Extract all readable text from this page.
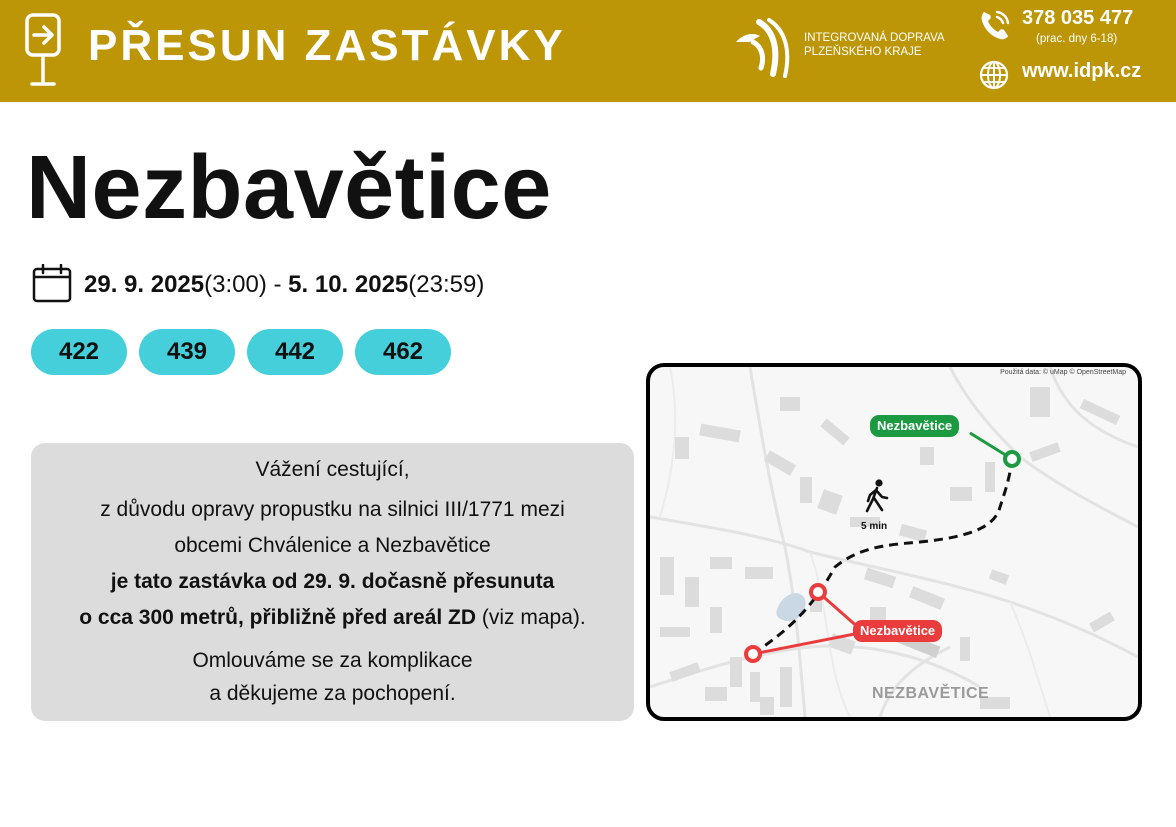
PŘESUN ZASTÁVKY	INTEGROVANÁ DOPRAVA
PLZEŇSKÉHO KRAJE
378 035 477
(prac. dny 6-18)
www.idpk.cz
Nezbavětice
29. 9. 2025(3:00) - 5. 10. 2025(23:59)
422	439	442	462
Vážení cestující,
z důvodu opravy propustku na silnici III/1771 mezi
obcemi Chválenice a Nezbavětice
je tato zastávka od 29. 9. dočasně přesunuta
o cca 300 metrů, přibližně před areál ZD (viz mapa).
Omlouváme se za komplikace
a děkujeme za pochopení.
Použitá data: © uMap © OpenStreetMap
Nezbavětice
Nezbavětice
5 min
NEZBAVĚTICE
